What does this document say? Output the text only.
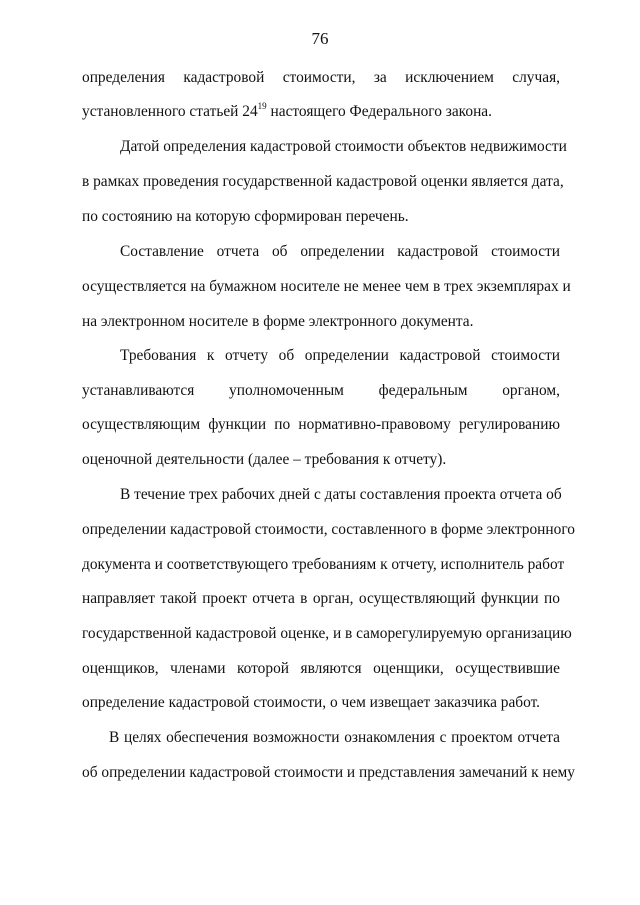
76
определения кадастровой стоимости, за исключением случая,
установленного статьей $24^{19}$ настоящего Федерального закона.
Датой определения кадастровой стоимости объектов недвижимости
в рамках проведения государственной кадастровой оценки является дата,
по состоянию на которую сформирован перечень.
Составление отчета об определении кадастровой стоимости
осуществляется на бумажном носителе не менее чем в трех экземплярах и
на электронном носителе в форме электронного документа.
Требования к отчету об определении кадастровой стоимости
устанавливаются уполномоченным федеральным органом,
осуществляющим функции по нормативно-правовому регулированию
оценочной деятельности (далее – требования к отчету).
В течение трех рабочих дней с даты составления проекта отчета об
определении кадастровой стоимости, составленного в форме электронного
документа и соответствующего требованиям к отчету, исполнитель работ
направляет такой проект отчета в орган, осуществляющий функции по
государственной кадастровой оценке, и в саморегулируемую организацию
оценщиков, членами которой являются оценщики, осуществившие
определение кадастровой стоимости, о чем извещает заказчика работ.
В целях обеспечения возможности ознакомления с проектом отчета
об определении кадастровой стоимости и представления замечаний к нему
